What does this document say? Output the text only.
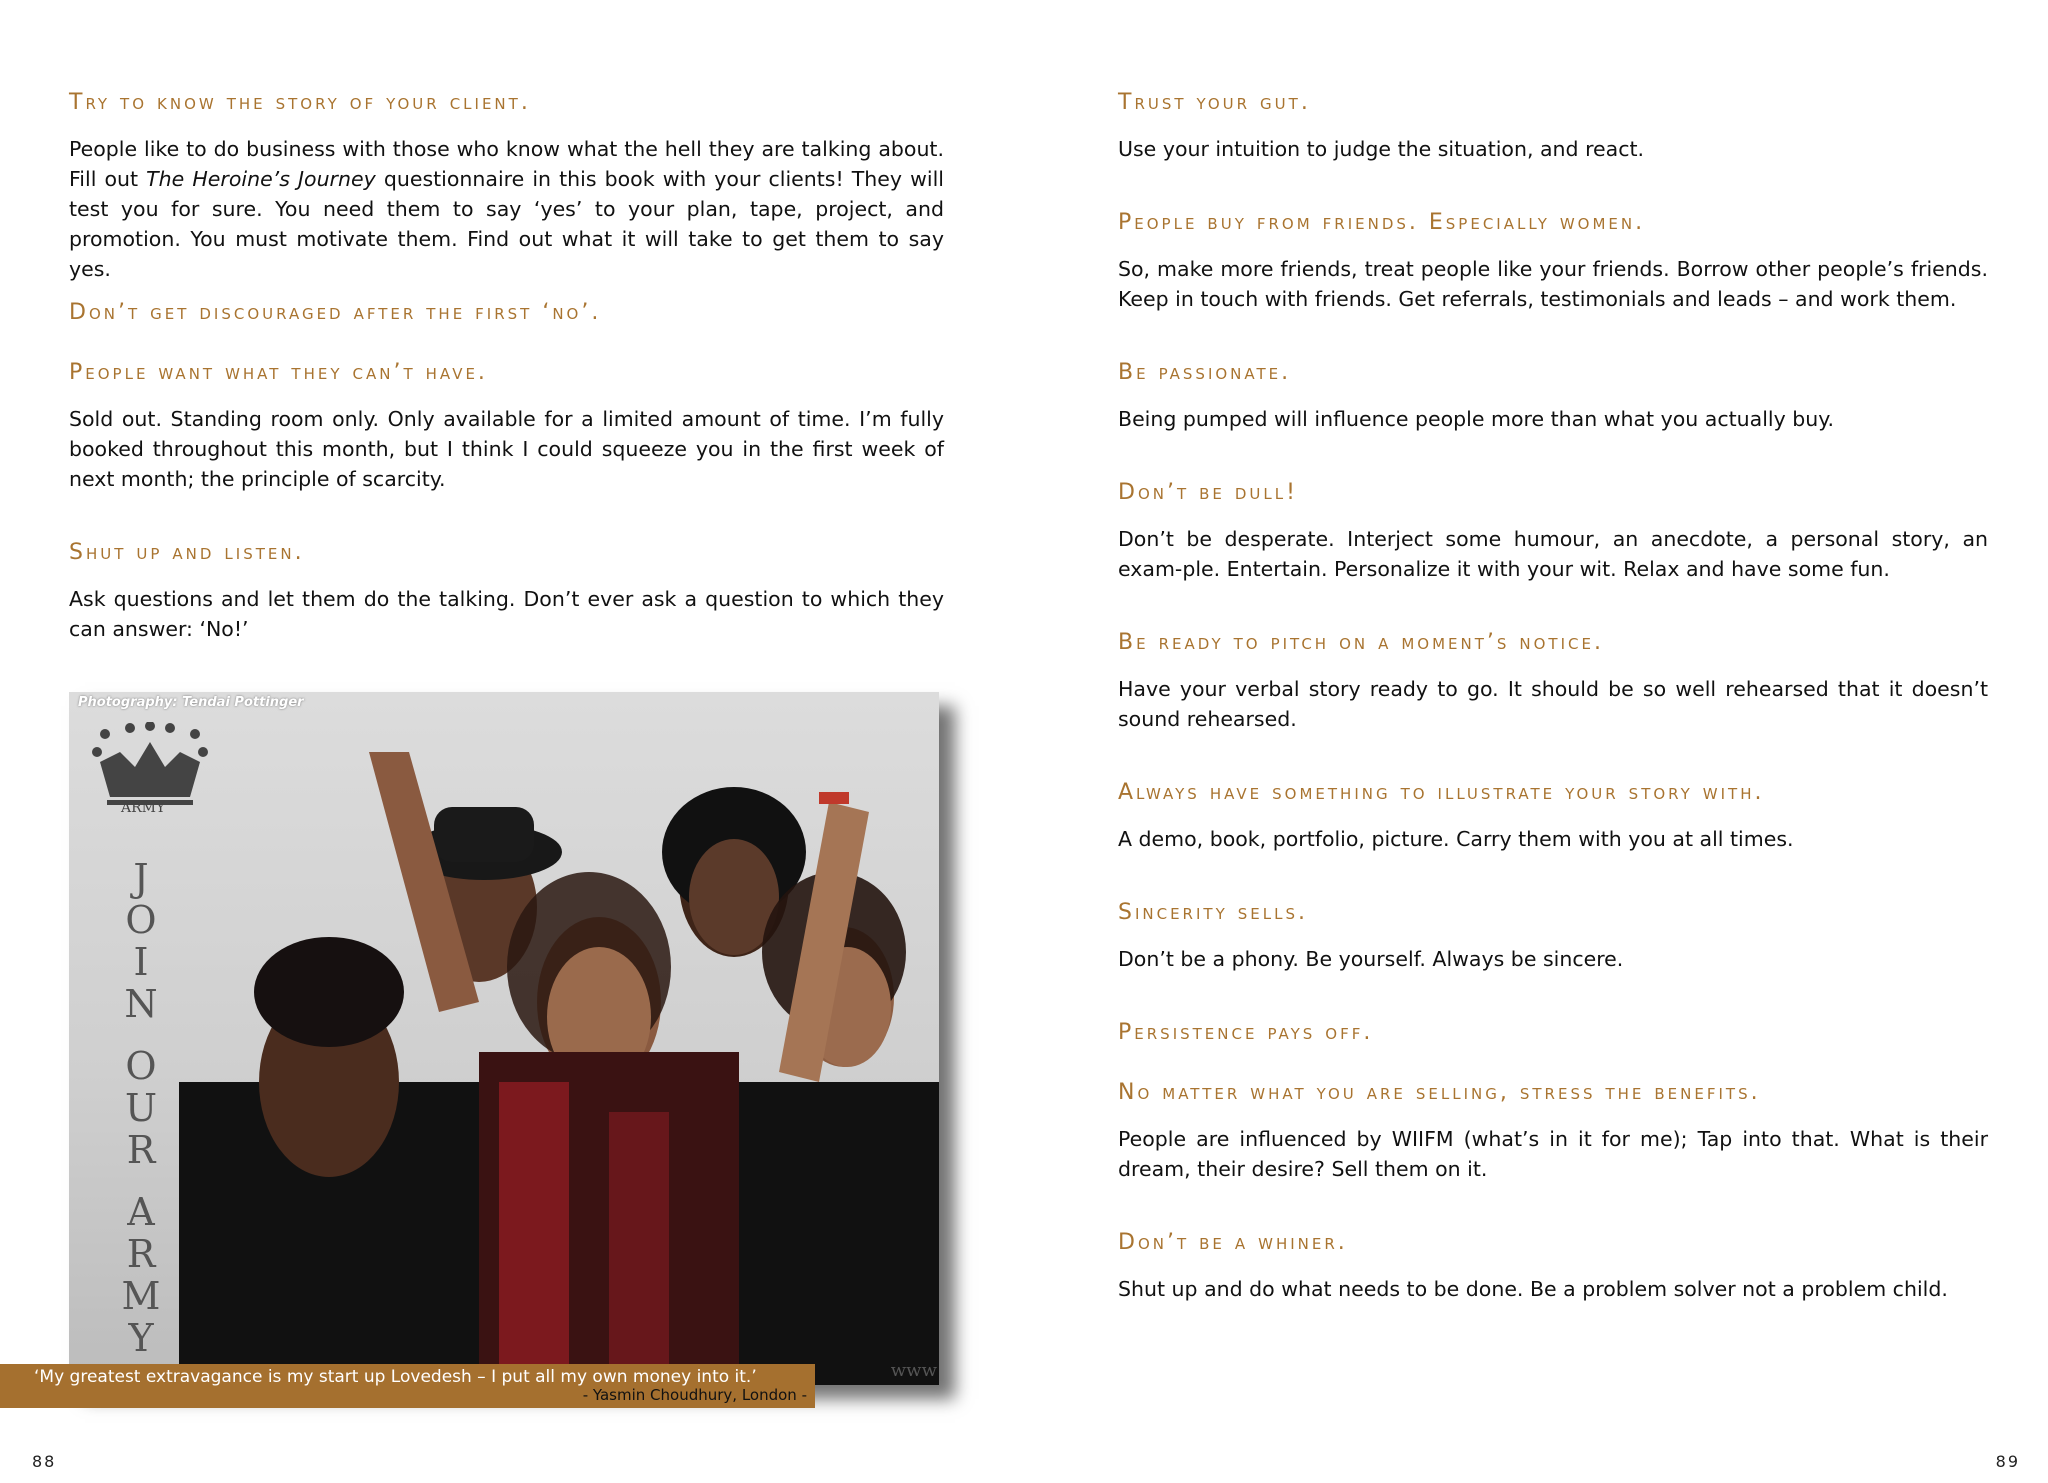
Try to know the story of your client.
People like to do business with those who know what the hell they are talking about. Fill out The Heroine’s Journey questionnaire in this book with your clients! They will test you for sure. You need them to say ‘yes’ to your plan, tape, project, and promotion. You must motivate them. Find out what it will take to get them to say yes.
Don’t get discouraged after the first ‘no’.
People want what they can’t have.
Sold out. Standing room only. Only available for a limited amount of time. I’m fully booked throughout this month, but I think I could squeeze you in the first week of next month; the principle of scarcity.
Shut up and listen.
Ask questions and let them do the talking. Don’t ever ask a question to which they can answer: ‘No!’
Photography: Tendai Pottinger
ARMY
J
O
I
N

O
U
R

A
R
M
Y
www
‘My greatest extravagance is my start up Lovedesh – I put all my own money into it.’
- Yasmin Choudhury, London -
Trust your gut.
Use your intuition to judge the situation, and react.
People buy from friends. Especially women.
So, make more friends, treat people like your friends. Borrow other people’s friends. Keep in touch with friends. Get referrals, testimonials and leads – and work them.
Be passionate.
Being pumped will influence people more than what you actually buy.
Don’t be dull!
Don’t be desperate. Interject some humour, an anecdote, a personal story, an exam-ple. Entertain. Personalize it with your wit. Relax and have some fun.
Be ready to pitch on a moment’s notice.
Have your verbal story ready to go. It should be so well rehearsed that it doesn’t sound rehearsed.
Always have something to illustrate your story with.
A demo, book, portfolio, picture. Carry them with you at all times.
Sincerity sells.
Don’t be a phony. Be yourself. Always be sincere.
Persistence pays off.
No matter what you are selling, stress the benefits.
People are influenced by WIIFM (what’s in it for me); Tap into that. What is their dream, their desire? Sell them on it.
Don’t be a whiner.
Shut up and do what needs to be done. Be a problem solver not a problem child.
88	89
